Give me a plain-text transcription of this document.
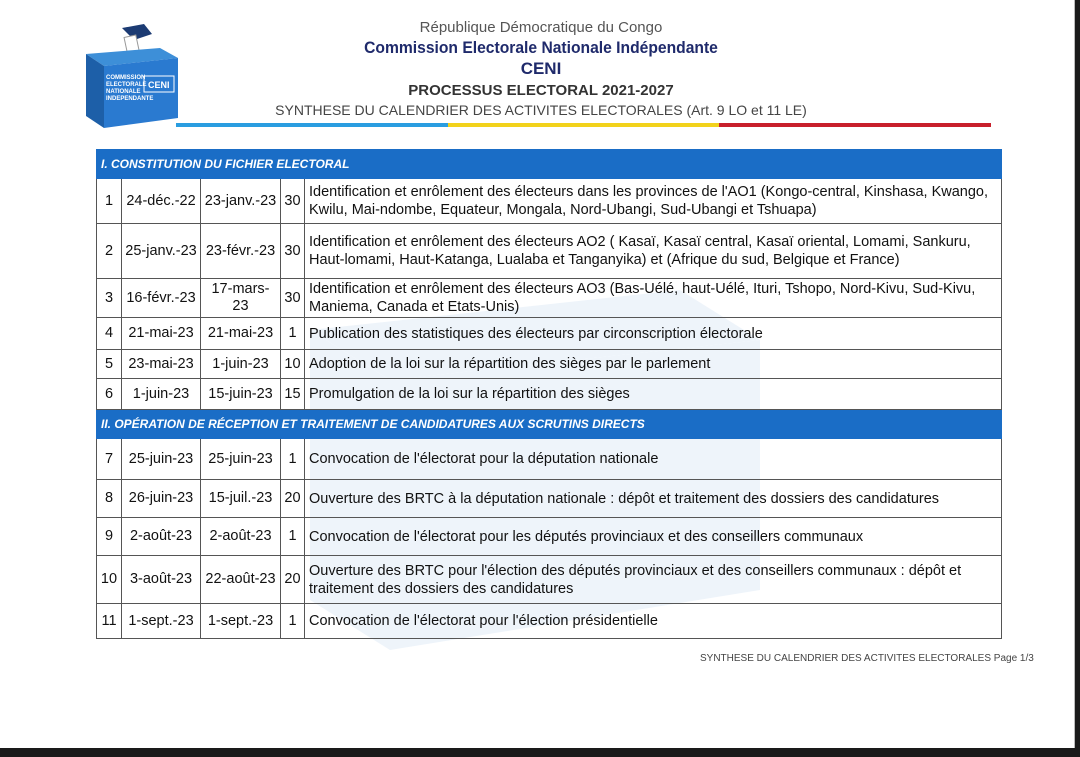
COMMISSION
ELECTORALE
NATIONALE
INDEPENDANTE
CENI
République Démocratique du Congo
Commission Electorale Nationale Indépendante
CENI
PROCESSUS ELECTORAL 2021-2027
SYNTHESE DU CALENDRIER DES ACTIVITES ELECTORALES (Art. 9 LO et 11 LE)
I. CONSTITUTION DU FICHIER ELECTORAL				
1	24-déc.-22	23-janv.-23	30	Identification et enrôlement des électeurs dans les provinces de l'AO1 (Kongo-central, Kinshasa, Kwango, Kwilu, Mai-ndombe, Equateur, Mongala, Nord-Ubangi, Sud-Ubangi et Tshuapa)
2	25-janv.-23	23-févr.-23	30	Identification et enrôlement des électeurs AO2 ( Kasaï, Kasaï central, Kasaï oriental, Lomami, Sankuru, Haut-lomami, Haut-Katanga, Lualaba et Tanganyika) et (Afrique du sud, Belgique et France)
3	16-févr.-23	17-mars-23	30	Identification et enrôlement des électeurs AO3 (Bas-Uélé, haut-Uélé, Ituri, Tshopo, Nord-Kivu, Sud-Kivu, Maniema, Canada et Etats-Unis)
4	21-mai-23	21-mai-23	1	Publication des statistiques des électeurs par circonscription électorale
5	23-mai-23	1-juin-23	10	Adoption de la loi sur la répartition des sièges par le parlement
6	1-juin-23	15-juin-23	15	Promulgation de la loi sur la répartition des sièges
II. OPÉRATION DE RÉCEPTION ET TRAITEMENT DE CANDIDATURES AUX SCRUTINS DIRECTS				
7	25-juin-23	25-juin-23	1	Convocation de l'électorat pour la députation nationale
8	26-juin-23	15-juil.-23	20	Ouverture des BRTC à la députation nationale : dépôt et traitement des dossiers des candidatures
9	2-août-23	2-août-23	1	Convocation de l'électorat pour les députés provinciaux et des conseillers communaux
10	3-août-23	22-août-23	20	Ouverture des BRTC pour l'élection des députés provinciaux et des conseillers communaux : dépôt et traitement des dossiers des candidatures
11	1-sept.-23	1-sept.-23	1	Convocation de l'électorat pour l'élection présidentielle
SYNTHESE DU CALENDRIER DES ACTIVITES ELECTORALES Page 1/3
